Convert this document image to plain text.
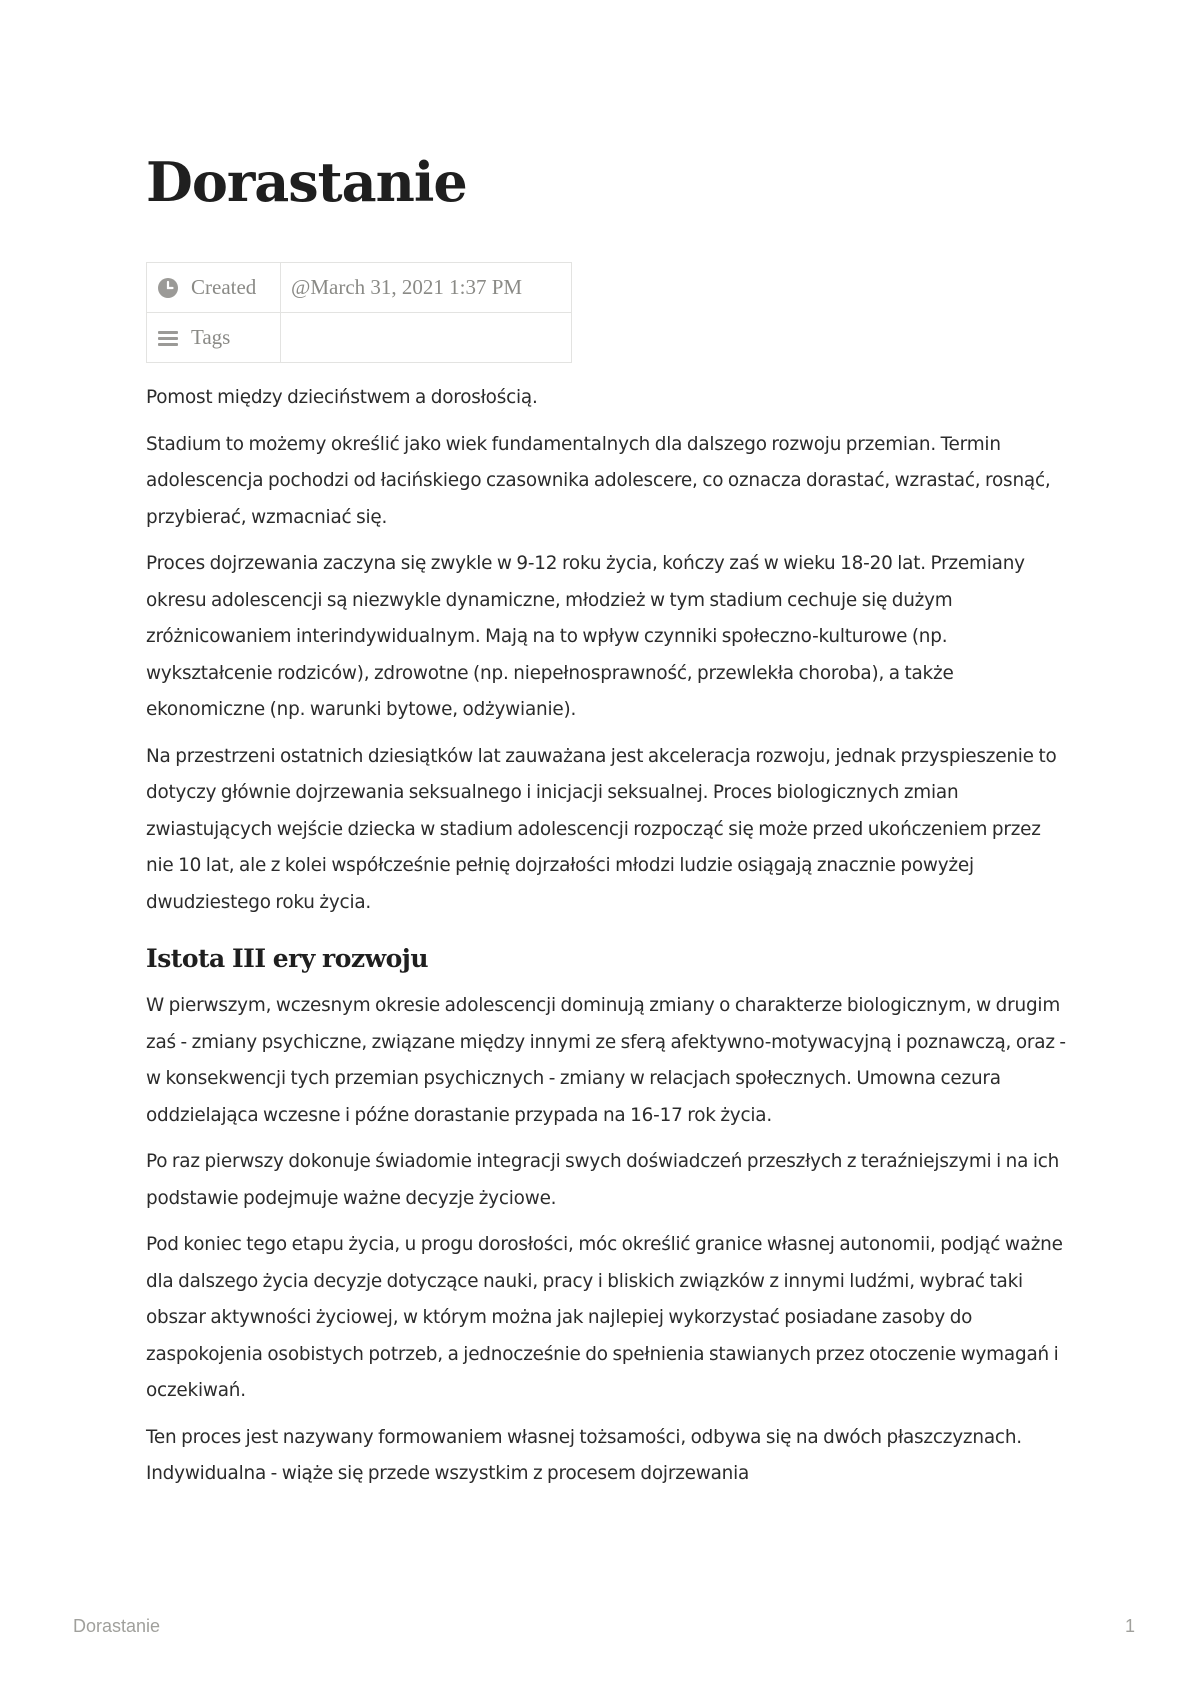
Dorastanie
Created	@March 31, 2021 1:37 PM

Tags	

Pomost między dzieciństwem a dorosłością.

Stadium to możemy określić jako wiek fundamentalnych dla dalszego rozwoju przemian. Termin adolescencja pochodzi od łacińskiego czasownika adolescere, co oznacza dorastać, wzrastać, rosnąć, przybierać, wzmacniać się.

Proces dojrzewania zaczyna się zwykle w 9-12 roku życia, kończy zaś w wieku 18-20 lat. Przemiany okresu adolescencji są niezwykle dynamiczne, młodzież w tym stadium cechuje się dużym zróżnicowaniem interindywidualnym. Mają na to wpływ czynniki społeczno-kulturowe (np. wykształcenie rodziców), zdrowotne (np. niepełnosprawność, przewlekła choroba), a także ekonomiczne (np. warunki bytowe, odżywianie).

Na przestrzeni ostatnich dziesiątków lat zauważana jest akceleracja rozwoju, jednak przyspieszenie to dotyczy głównie dojrzewania seksualnego i inicjacji seksualnej. Proces biologicznych zmian zwiastujących wejście dziecka w stadium adolescencji rozpocząć się może przed ukończeniem przez nie 10 lat, ale z kolei współcześnie pełnię dojrzałości młodzi ludzie osiągają znacznie powyżej dwudziestego roku życia.

Istota III ery rozwoju

W pierwszym, wczesnym okresie adolescencji dominują zmiany o charakterze biologicznym, w drugim zaś - zmiany psychiczne, związane między innymi ze sferą afektywno-motywacyjną i poznawczą, oraz - w konsekwencji tych przemian psychicznych - zmiany w relacjach społecznych. Umowna cezura oddzielająca wczesne i późne dorastanie przypada na 16-17 rok życia.

Po raz pierwszy dokonuje świadomie integracji swych doświadczeń przeszłych z teraźniejszymi i na ich podstawie podejmuje ważne decyzje życiowe.

Pod koniec tego etapu życia, u progu dorosłości, móc określić granice własnej autonomii, podjąć ważne dla dalszego życia decyzje dotyczące nauki, pracy i bliskich związków z innymi ludźmi, wybrać taki obszar aktywności życiowej, w którym można jak najlepiej wykorzystać posiadane zasoby do zaspokojenia osobistych potrzeb, a jednocześnie do spełnienia stawianych przez otoczenie wymagań i oczekiwań.

Ten proces jest nazywany formowaniem własnej tożsamości, odbywa się na dwóch płaszczyznach. Indywidualna - wiąże się przede wszystkim z procesem dojrzewania

Dorastanie	1
